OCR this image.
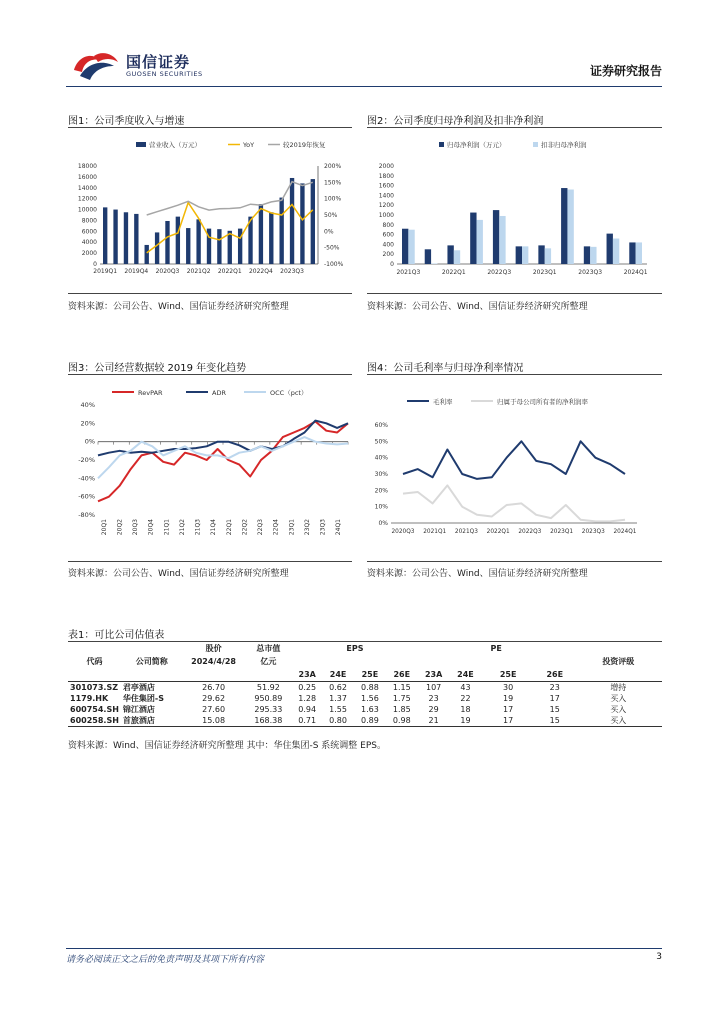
国信证券
GUOSEN SECURITIES	证券研究报告
图1：公司季度收入与增速
营业收入（万元）	YoY	较2019年恢复
0
2000
4000
6000
8000
10000
12000
14000
16000
18000
-100%
-50%
0%
50%
100%
150%
200%
2019Q1 2019Q4 2020Q3 2021Q2 2022Q1 2022Q4 2023Q3
资料来源：公司公告、Wind、国信证券经济研究所整理
图2：公司季度归母净利润及扣非净利润
归母净利润（万元）	扣非归母净利润
0
200
400
600
800
1000
1200
1400
1600
1800
2000
2021Q3	2022Q1	2022Q3	2023Q1	2023Q3	2024Q1
资料来源：公司公告、Wind、国信证券经济研究所整理
图3：公司经营数据较 2019 年变化趋势
RevPAR	ADR	OCC（pct）
-80%
-60%
-40%
-20%
0%
20%
40%
20Q1 20Q2 20Q3 20Q4 21Q1 21Q2 21Q3 21Q4 22Q1 22Q2 22Q3 22Q4 23Q1 23Q2 23Q3 24Q1
资料来源：公司公告、Wind、国信证券经济研究所整理
图4：公司毛利率与归母净利率情况
毛利率	归属于母公司所有者的净利润率
0%
10%
20%
30%
40%
50%
60%
2020Q3 2021Q1 2021Q3 2022Q1 2022Q3 2023Q1 2023Q3 2024Q1
资料来源：公司公告、Wind、国信证券经济研究所整理
表1：可比公司估值表
代码	公司简称	股价	总市值	EPS				PE				投资评级
		2024/4/28	亿元									
				23A	24E	25E	26E	23A	24E	25E	26E	
301073.SZ	君亭酒店	26.70	51.92	0.25	0.62	0.88	1.15	107	43	30	23	增持
1179.HK	华住集团-S	29.62	950.89	1.28	1.37	1.56	1.75	23	22	19	17	买入
600754.SH	锦江酒店	27.60	295.33	0.94	1.55	1.63	1.85	29	18	17	15	买入
600258.SH	首旅酒店	15.08	168.38	0.71	0.80	0.89	0.98	21	19	17	15	买入
资料来源：Wind、国信证券经济研究所整理 其中：华住集团-S 系统调整 EPS。
请务必阅读正文之后的免责声明及其项下所有内容	3
